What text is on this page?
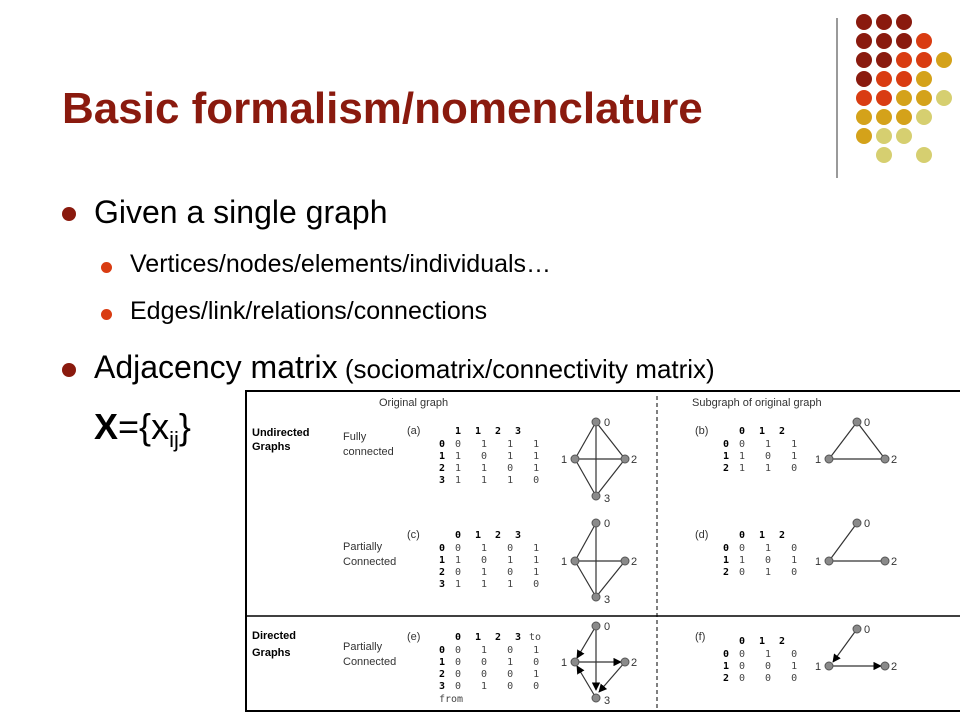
Basic formalism/nomenclature
Given a single graph
Vertices/nodes/elements/individuals…
Edges/link/relations/connections
Adjacency matrix (sociomatrix/connectivity matrix)
$X=\{x_{ij}\}$
Original graph	Subgraph of original graph
Undirected
Graphs
Directed
Graphs
(a)
Fully
connected
1 1 2 3
0 0 1 1 1
1 1 0 1 1
2 1 1 0 1
3 1 1 1 0
0
1	2
3
(b)	0 1 2
0 0 1 1
1 1 0 1
2 1 1 0
0
1	2
(c)
Partially
Connected
0 1 2 3
0 0 1 0 1
1 1 0 1 1
2 0 1 0 1
3 1 1 1 0
0
1	2
3
(d)	0 1 2
0 0 1 0
1 1 0 1
2 0 1 0
0
1	2
(e)
Partially
Connected
0 1 2 3 to
0 0 1 0 1
1 0 0 1 0
2 0 0 0 1
3 0 1 0 0
from
0
1	2
3
(f)	0 1 2
0 0 1 0
1 0 0 1
2 0 0 0
0
1	2
